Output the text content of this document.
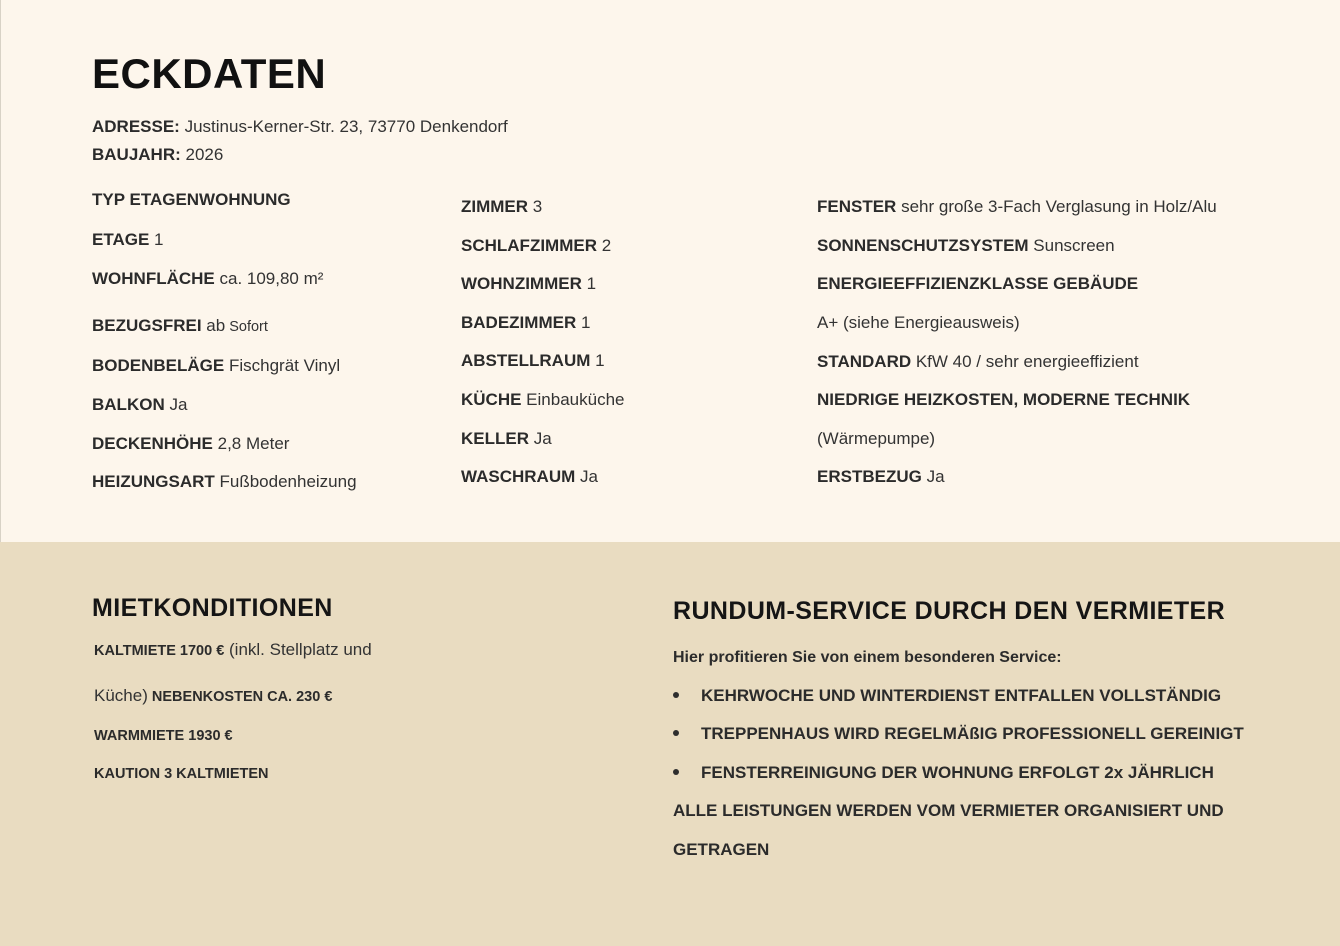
ECKDATEN
ADRESSE: Justinus-Kerner-Str. 23, 73770 Denkendorf
BAUJAHR: 2026
TYP ETAGENWOHNUNG
ETAGE 1
WOHNFLÄCHE ca. 109,80 m²
BEZUGSFREI ab Sofort
BODENBELÄGE Fischgrät Vinyl
BALKON Ja
DECKENHÖHE 2,8 Meter
HEIZUNGSART Fußbodenheizung
ZIMMER 3
SCHLAFZIMMER 2
WOHNZIMMER 1
BADEZIMMER 1
ABSTELLRAUM 1
KÜCHE Einbauküche
KELLER Ja
WASCHRAUM Ja
FENSTER sehr große 3-Fach Verglasung in Holz/Alu
SONNENSCHUTZSYSTEM Sunscreen
ENERGIEEFFIZIENZKLASSE GEBÄUDE
A+ (siehe Energieausweis)
STANDARD KfW 40 / sehr energieeffizient
NIEDRIGE HEIZKOSTEN, MODERNE TECHNIK
(Wärmepumpe)
ERSTBEZUG Ja
MIETKONDITIONEN
KALTMIETE 1700 € (inkl. Stellplatz und
Küche) NEBENKOSTEN CA. 230 €
WARMMIETE 1930 €
KAUTION 3 KALTMIETEN
RUNDUM-SERVICE DURCH DEN VERMIETER
Hier profitieren Sie von einem besonderen Service:
KEHRWOCHE UND WINTERDIENST ENTFALLEN VOLLSTÄNDIG
TREPPENHAUS WIRD REGELMÄßIG PROFESSIONELL GEREINIGT
FENSTERREINIGUNG DER WOHNUNG ERFOLGT 2x JÄHRLICH
ALLE LEISTUNGEN WERDEN VOM VERMIETER ORGANISIERT UND
GETRAGEN
